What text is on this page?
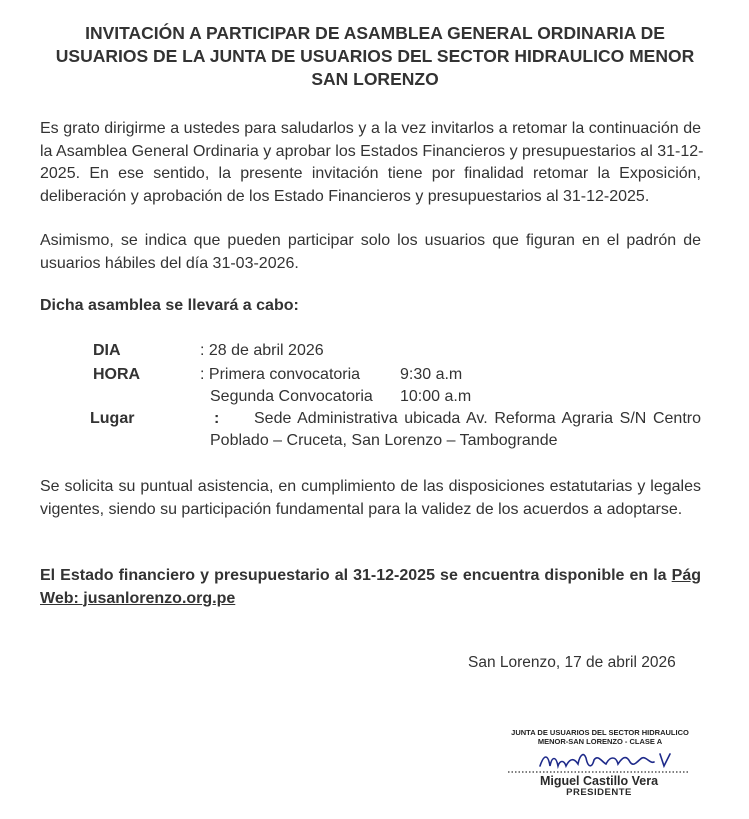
INVITACIÓN A PARTICIPAR DE ASAMBLEA GENERAL ORDINARIA DE
USUARIOS DE LA JUNTA DE USUARIOS DEL SECTOR HIDRAULICO MENOR
SAN LORENZO
Es grato dirigirme a ustedes para saludarlos y a la vez invitarlos a retomar la continuación de
la Asamblea General Ordinaria y aprobar los Estados Financieros y presupuestarios al 31-12-
2025. En ese sentido, la presente invitación tiene por finalidad retomar la Exposición,
deliberación y aprobación de los Estado Financieros y presupuestarios al 31-12-2025.
Asimismo, se indica que pueden participar solo los usuarios que figuran en el padrón de
usuarios hábiles del día 31-03-2026.
Dicha asamblea se llevará a cabo:
DIA	: 28 de abril 2026
HORA	: Primera convocatoria 9:30 a.m
Segunda Convocatoria 10:00 a.m
Lugar	: Sede Administrativa ubicada Av. Reforma Agraria S/N Centro
Poblado – Cruceta, San Lorenzo – Tambogrande
Se solicita su puntual asistencia, en cumplimiento de las disposiciones estatutarias y legales
vigentes, siendo su participación fundamental para la validez de los acuerdos a adoptarse.
El Estado financiero y presupuestario al 31-12-2025 se encuentra disponible en la Pág
Web: jusanlorenzo.org.pe
San Lorenzo, 17 de abril 2026
JUNTA DE USUARIOS DEL SECTOR HIDRAULICO
MENOR-SAN LORENZO - CLASE A
Miguel Castillo Vera
PRESIDENTE
